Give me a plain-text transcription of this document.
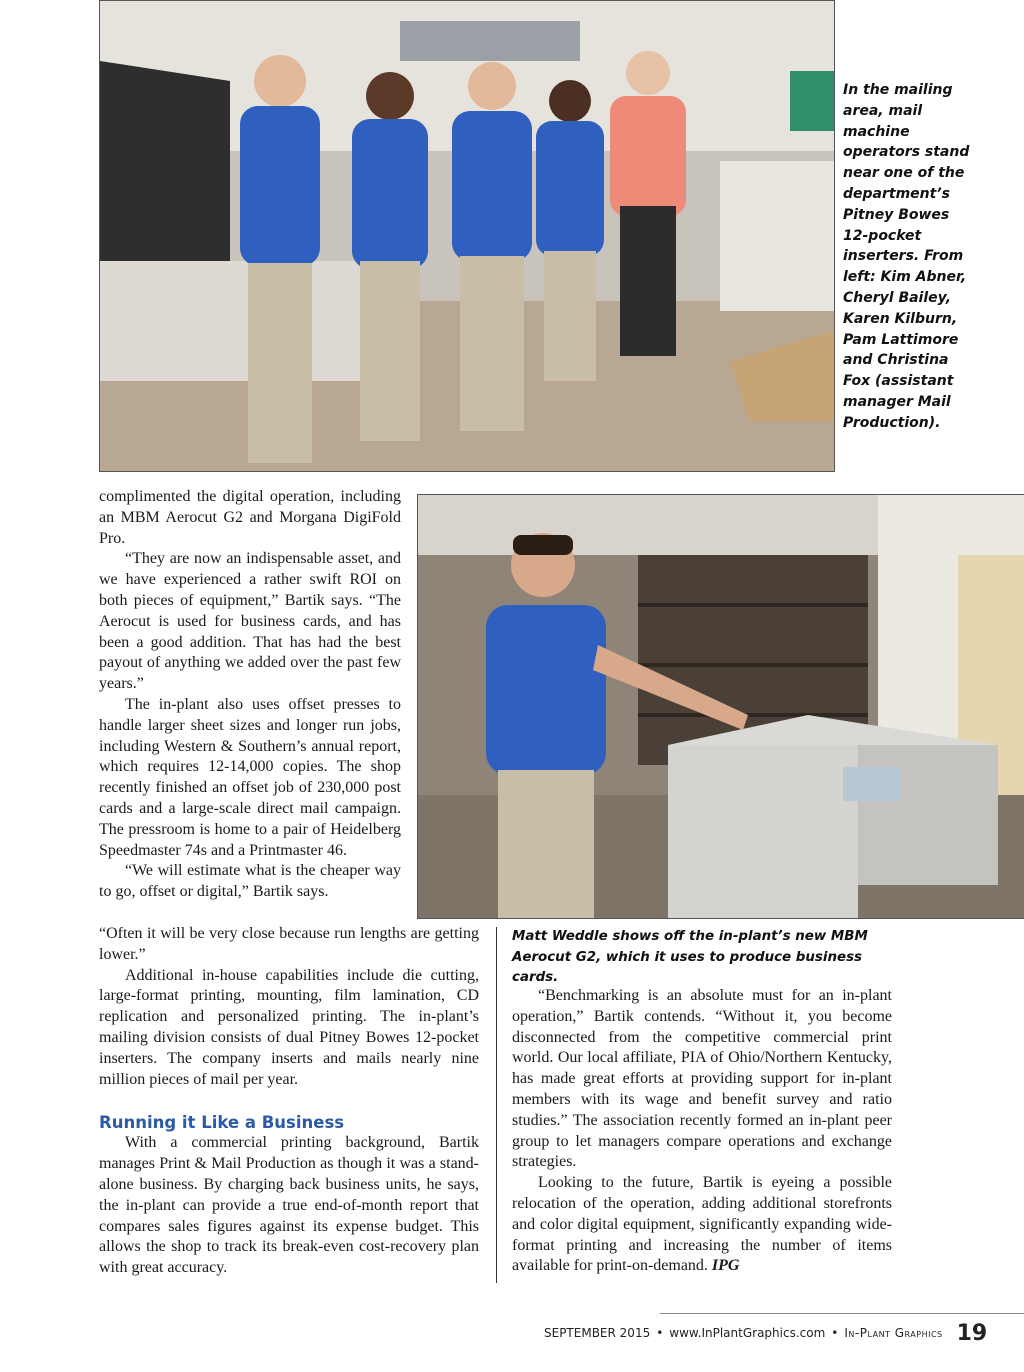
In the mailing area, mail machine operators stand near one of the department’s Pitney Bowes 12-pocket inserters. From left: Kim Abner, Cheryl Bailey, Karen Kilburn, Pam Lattimore and Christina Fox (assistant manager Mail Production).
Matt Weddle shows off the in-plant’s new MBM Aerocut G2, which it uses to produce business cards.

complimented the digital operation, including an MBM Aerocut G2 and Morgana DigiFold Pro.

“They are now an indispensable asset, and we have experienced a rather swift ROI on both pieces of equipment,” Bartik says. “The Aerocut is used for business cards, and has been a good addition. That has had the best payout of anything we added over the past few years.”

The in-plant also uses offset presses to handle larger sheet sizes and longer run jobs, including Western & Southern’s annual report, which requires 12-14,000 copies. The shop recently finished an offset job of 230,000 post cards and a large-scale direct mail campaign. The pressroom is home to a pair of Heidelberg Speedmaster 74s and a Printmaster 46.

“We will estimate what is the cheaper way to go, offset or digital,” Bartik says.

“Often it will be very close because run lengths are getting lower.”

Additional in-house capabilities include die cutting, large-format printing, mounting, film lamination, CD replication and personalized printing. The in-plant’s mailing division consists of dual Pitney Bowes 12-pocket inserters. The company inserts and mails nearly nine million pieces of mail per year.

Running it Like a Business

With a commercial printing background, Bartik manages Print & Mail Production as though it was a stand-alone business. By charging back business units, he says, the in-plant can provide a true end-of-month report that compares sales figures against its expense budget. This allows the shop to track its break-even cost-recovery plan with great accuracy.

“Benchmarking is an absolute must for an in-plant operation,” Bartik contends. “Without it, you become disconnected from the competitive commercial print world. Our local affiliate, PIA of Ohio/Northern Kentucky, has made great efforts at providing support for in-plant members with its wage and benefit survey and ratio studies.” The association recently formed an in-plant peer group to let managers compare operations and exchange strategies.

Looking to the future, Bartik is eyeing a possible relocation of the operation, adding additional storefronts and color digital equipment, significantly expanding wide-format printing and increasing the number of items available for print-on-demand. IPG

SEPTEMBER 2015 • www.InPlantGraphics.com • In-Plant Graphics 19
